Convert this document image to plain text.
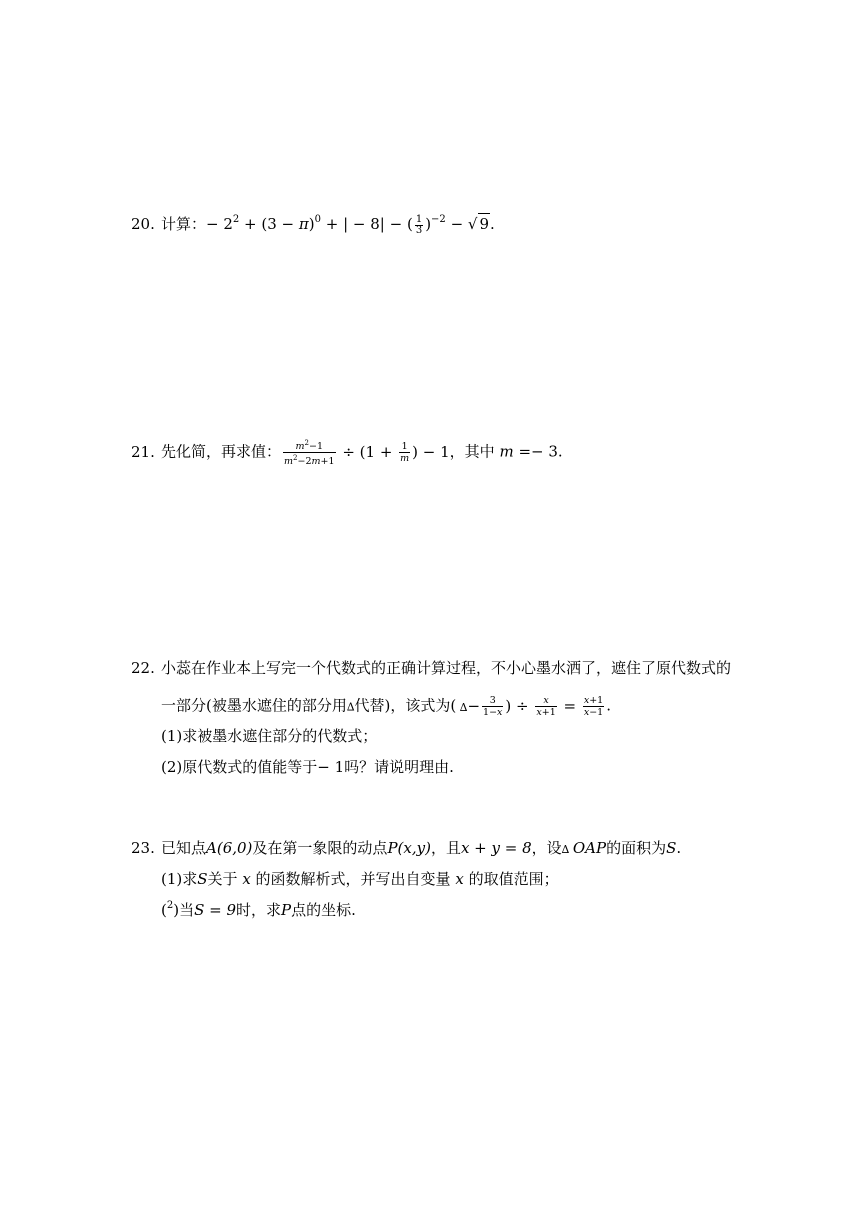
20. 计算：− $2^2 + (3 - \pi)^0$ + | − 8| − ( $\frac{1}{3} )^{-2}$ − √ 9.
21. 先化简，再求值： $\frac{m^2-1}{m^2-2m+1} \div (1 + \frac{1}{m}$ ) − 1，其中 m =− 3.
22. 小蕊在作业本上写完一个代数式的正确计算过程，不小心墨水洒了，遮住了原代数式的
一部分(被墨水遮住的部分用∆代替)，该式为( ∆− $\frac{3}{1-x}$ ) ÷ $\frac{x}{x+1} = \frac{x+1}{x-1}$ .
(1)求被墨水遮住部分的代数式；
(2)原代数式的值能等于− 1吗？请说明理由.
23. 已知点A(6,0)及在第一象限的动点P(x,y)，且x + y = 8，设∆ OAP的面积为S.
(1)求S关于 x 的函数解析式，并写出自变量 x 的取值范围；
($^2$)当S = 9时，求P点的坐标.
